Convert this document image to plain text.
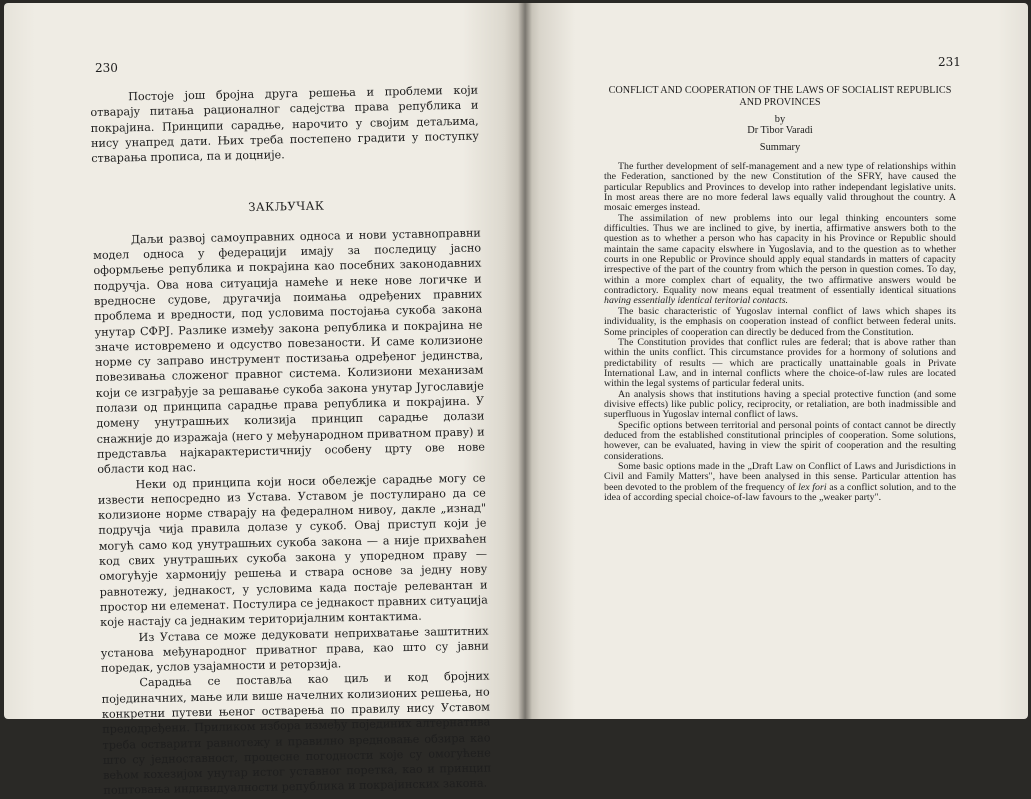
230

Постоје још бројна друга решења и проблеми који отварају питања рационалног садејства права република и покрајина. Принципи сарадње, нарочито у својим детаљима, нису унапред дати. Њих треба постепено градити у поступку стварања прописа, па и доцније.

ЗАКЉУЧАК

Даљи развој самоуправних односа и нови уставноправни модел односа у федерацији имају за последицу јасно оформљење република и покрајина као посебних законодавних подручја. Ова нова ситуација намеће и неке нове логичке и вредносне судове, другачија поимања одређених правних проблема и вредности, под условима постојања сукоба закона унутар СФРЈ. Разлике између закона република и покрајина не значе истовремено и одсуство повезаности. И саме колизионе норме су заправо инструмент постизања одређеног јединства, повезивања сложеног правног система. Колизиони механизам који се изграђује за решавање сукоба закона унутар Југославије полази од принципа сарадње права република и покрајина. У домену унутрашњих колизија принцип сарадње долази снажније до изражаја (него у међународном приватном праву) и представља најкарактеристичнију особену црту ове нове области код нас.

Неки од принципа који носи обележје сарадње могу се извести непосредно из Устава. Уставом је постулирано да се колизионе норме стварају на федералном нивоу, дакле „изнад" подручја чија правила долазе у сукоб. Овај приступ који је могућ само код унутрашњих сукоба закона — а није прихваћен код свих унутрашњих сукоба закона у упоредном праву — омогућује хармонију решења и ствара основе за једну нову равнотежу, једнакост, у условима када постаје релевантан и простор ни елеменат. Постулира се једнакост правних ситуација које настају са једнаким територијалним контактима.

Из Устава се може дедуковати неприхватање заштитних установа међународног приватног права, као што су јавни поредак, услов узајамности и реторзија.

Сарадња се поставља као циљ и код бројних појединачних, мање или више начелних колизионих решења, но конкретни путеви њеног остварења по правилу нису Уставом предодређени. Приликом избора између појединих алтернатива треба остварити равнотежу и правилно вредновање обзира као што су једноставност, процесне погодности које су омогућене већом кохезијом унутар истог уставног поретка, као и принцип поштовања индивидуалности република и покрајинских закона.

231

CONFLICT AND COOPERATION OF THE LAWS OF SOCIALIST REPUBLICS AND PROVINCES

by

Dr Tibor Varadi

Summary

The further development of self-management and a new type of relationships within the Federation, sanctioned by the new Constitution of the SFRY, have caused the particular Republics and Provinces to develop into rather independant legislative units. In most areas there are no more federal laws equally valid throughout the country. A mosaic emerges instead.

The assimilation of new problems into our legal thinking encounters some difficulties. Thus we are inclined to give, by inertia, affirmative answers both to the question as to whether a person who has capacity in his Province or Republic should maintain the same capacity elswhere in Yugoslavia, and to the question as to whether courts in one Republic or Province should apply equal standards in matters of capacity irrespective of the part of the country from which the person in question comes. To day, within a more complex chart of equality, the two affirmative answers would be contradictory. Equality now means equal treatment of essentially identical situations having essentially identical teritorial contacts.

The basic characteristic of Yugoslav internal conflict of laws which shapes its individuality, is the emphasis on cooperation instead of conflict between federal units. Some principles of cooperation can directly be deduced from the Constitution.

The Constitution provides that conflict rules are federal; that is above rather than within the units conflict. This circumstance provides for a hormony of solutions and predictability of results — which are practically unattainable goals in Private International Law, and in internal conflicts where the choice-of-law rules are located within the legal systems of particular federal units.

An analysis shows that institutions having a special protective function (and some divisive effects) like public policy, reciprocity, or retaliation, are both inadmissible and superfluous in Yugoslav internal conflict of laws.

Specific options between territorial and personal points of contact cannot be directly deduced from the established constitutional principles of cooperation. Some solutions, however, can be evaluated, having in view the spirit of cooperation and the resulting considerations.

Some basic options made in the „Draft Law on Conflict of Laws and Jurisdictions in Civil and Family Matters", have been analysed in this sense. Particular attention has been devoted to the problem of the frequency of lex fori as a conflict solution, and to the idea of according special choice-of-law favours to the „weaker party".
